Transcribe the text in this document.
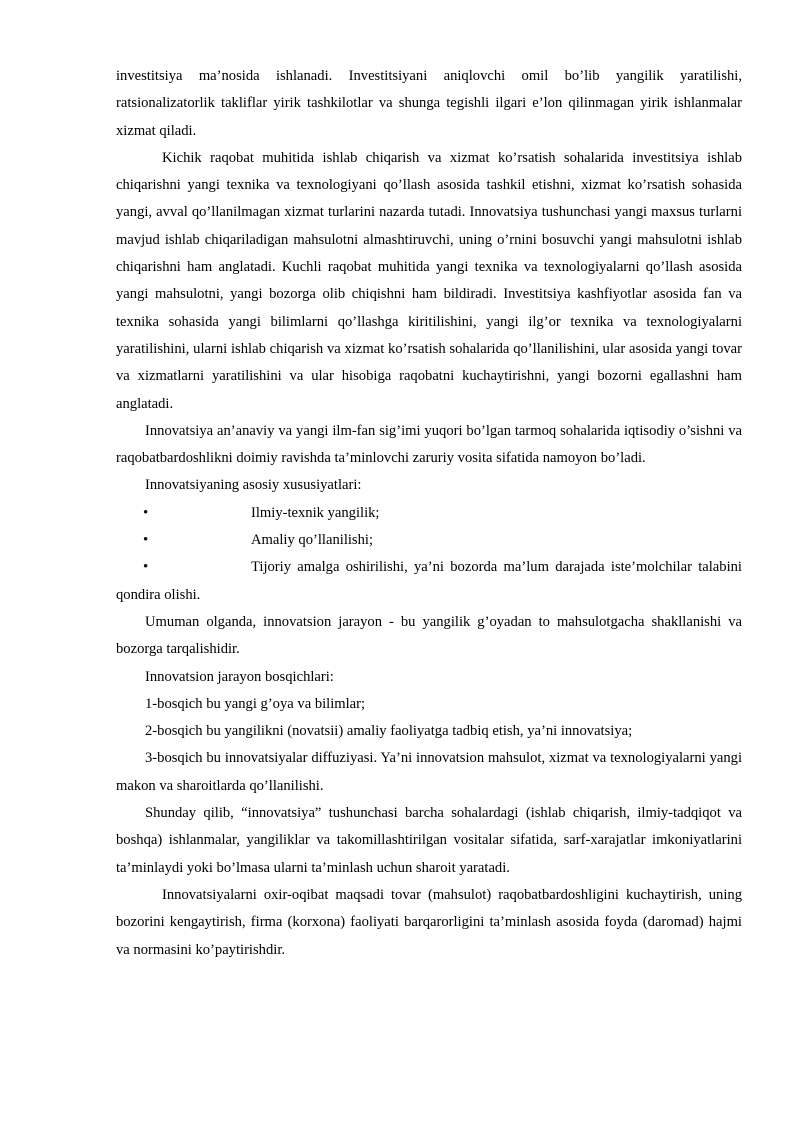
investitsiya ma’nosida ishlanadi. Investitsiyani aniqlovchi omil bo’lib yangilik yaratilishi, ratsionalizatorlik takliflar yirik tashkilotlar va shunga tegishli ilgari e’lon qilinmagan yirik ishlanmalar xizmat qiladi.

Kichik raqobat muhitida ishlab chiqarish va xizmat ko’rsatish sohalarida investitsiya ishlab chiqarishni yangi texnika va texnologiyani qo’llash asosida tashkil etishni, xizmat ko’rsatish sohasida yangi, avval qo’llanilmagan xizmat turlarini nazarda tutadi. Innovatsiya tushunchasi yangi maxsus turlarni mavjud ishlab chiqariladigan mahsulotni almashtiruvchi, uning o’rnini bosuvchi yangi mahsulotni ishlab chiqarishni ham anglatadi. Kuchli raqobat muhitida yangi texnika va texnologiyalarni qo’llash asosida yangi mahsulotni, yangi bozorga olib chiqishni ham bildiradi. Investitsiya kashfiyotlar asosida fan va texnika sohasida yangi bilimlarni qo’llashga kiritilishini, yangi ilg’or texnika va texnologiyalarni yaratilishini, ularni ishlab chiqarish va xizmat ko’rsatish sohalarida qo’llanilishini, ular asosida yangi tovar va xizmatlarni yaratilishini va ular hisobiga raqobatni kuchaytirishni, yangi bozorni egallashni ham anglatadi.

Innovatsiya an’anaviy va yangi ilm-fan sig’imi yuqori bo’lgan tarmoq sohalarida iqtisodiy o’sishni va raqobatbardoshlikni doimiy ravishda ta’minlovchi zaruriy vosita sifatida namoyon bo’ladi.

Innovatsiyaning asosiy xususiyatlari:

•	Ilmiy-texnik yangilik;
•	Amaliy qo’llanilishi;
•	Tijoriy amalga oshirilishi, ya’ni bozorda ma’lum darajada iste’molchilar talabini qondira olishi.

Umuman olganda, innovatsion jarayon - bu yangilik g’oyadan to mahsulotgacha shakllanishi va bozorga tarqalishidir.

Innovatsion jarayon bosqichlari:

1-bosqich bu yangi g’oya va bilimlar;

2-bosqich bu yangilikni (novatsii) amaliy faoliyatga tadbiq etish, ya’ni innovatsiya;

3-bosqich bu innovatsiyalar diffuziyasi. Ya’ni innovatsion mahsulot, xizmat va texnologiyalarni yangi makon va sharoitlarda qo’llanilishi.

Shunday qilib, “innovatsiya” tushunchasi barcha sohalardagi (ishlab chiqarish, ilmiy-tadqiqot va boshqa) ishlanmalar, yangiliklar va takomillashtirilgan vositalar sifatida, sarf-xarajatlar imkoniyatlarini ta’minlaydi yoki bo’lmasa ularni ta’minlash uchun sharoit yaratadi.

Innovatsiyalarni oxir-oqibat maqsadi tovar (mahsulot) raqobatbardoshligini kuchaytirish, uning bozorini kengaytirish, firma (korxona) faoliyati barqarorligini ta’minlash asosida foyda (daromad) hajmi va normasini ko’paytirishdir.
